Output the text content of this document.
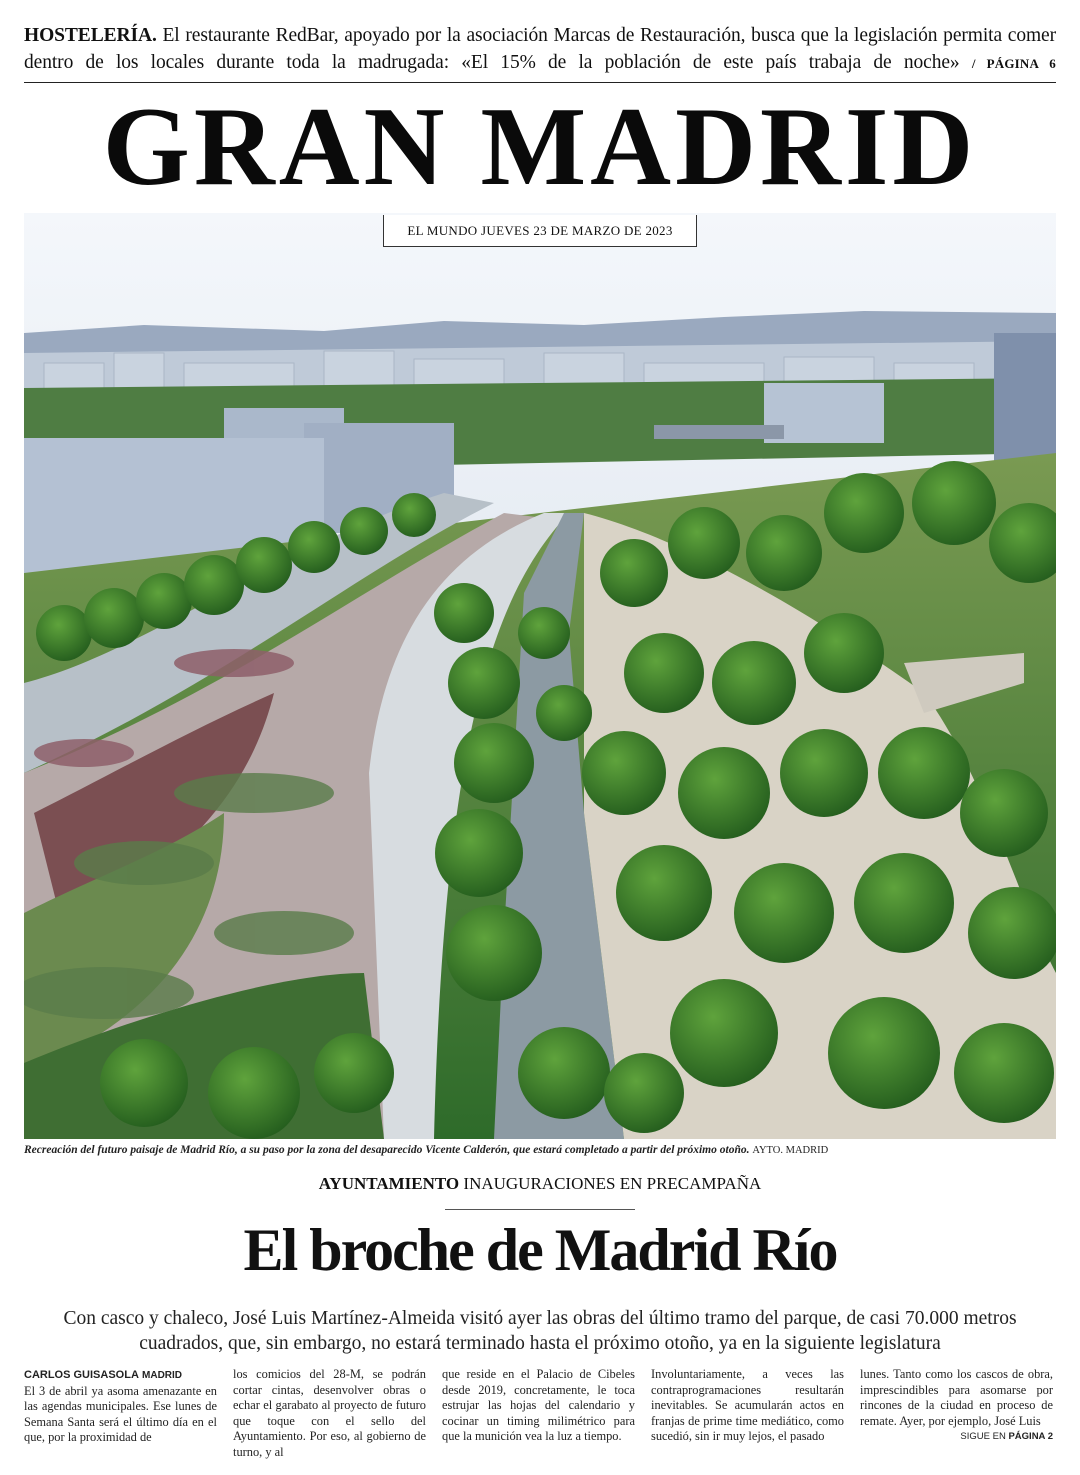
HOSTELERÍA. El restaurante RedBar, apoyado por la asociación Marcas de Restauración, busca que la legislación permita comer dentro de los locales durante toda la madrugada: «El 15% de la población de este país trabaja de noche» / PÁGINA 6
GRAN MADRID
EL MUNDO JUEVES 23 DE MARZO DE 2023
Recreación del futuro paisaje de Madrid Río, a su paso por la zona del desaparecido Vicente Calderón, que estará completado a partir del próximo otoño. AYTO. MADRID
AYUNTAMIENTO INAUGURACIONES EN PRECAMPAÑA
El broche de Madrid Río
Con casco y chaleco, José Luis Martínez-Almeida visitó ayer las obras del último tramo del parque, de casi 70.000 metros cuadrados, que, sin embargo, no estará terminado hasta el próximo otoño, ya en la siguiente legislatura
CARLOS GUISASOLA MADRID
El 3 de abril ya asoma amenazante en las agendas municipales. Ese lunes de Semana Santa será el último día en el que, por la proximidad de
los comicios del 28-M, se podrán cortar cintas, desenvolver obras o echar el garabato al proyecto de futuro que toque con el sello del Ayuntamiento. Por eso, al gobierno de turno, y al
que reside en el Palacio de Cibeles desde 2019, concretamente, le toca estrujar las hojas del calendario y cocinar un timing milimétrico para que la munición vea la luz a tiempo.
Involuntariamente, a veces las contraprogramaciones resultarán inevitables. Se acumularán actos en franjas de prime time mediático, como sucedió, sin ir muy lejos, el pasado
lunes. Tanto como los cascos de obra, imprescindibles para asomarse por rincones de la ciudad en proceso de remate. Ayer, por ejemplo, José Luis
SIGUE EN PÁGINA 2
